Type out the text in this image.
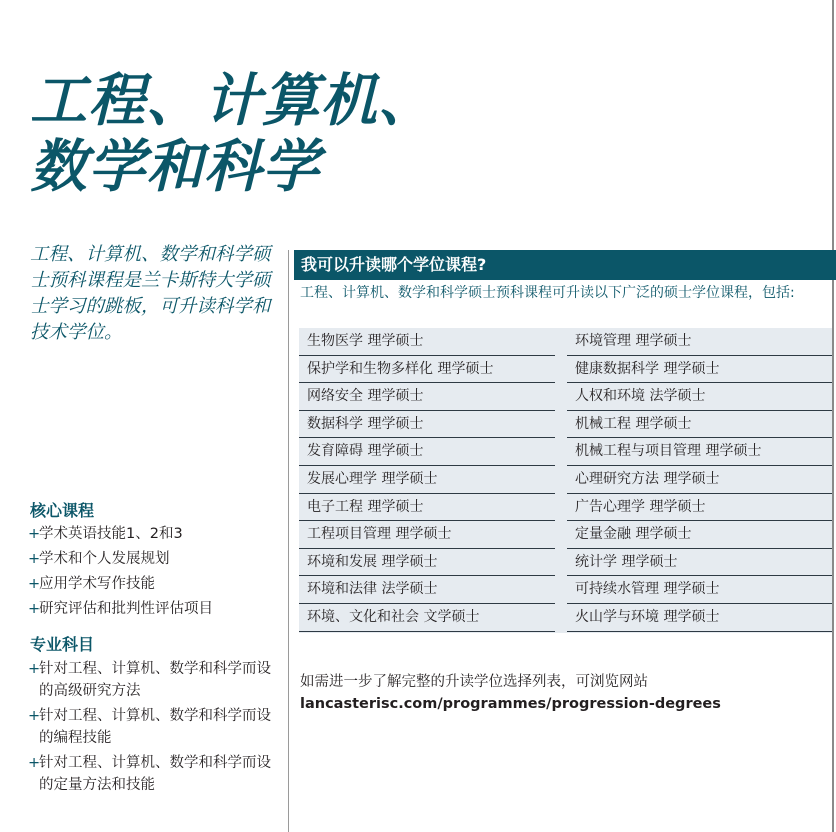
工程、计算机、
数学和科学

工程、计算机、数学和科学硕士预科课程是兰卡斯特大学硕士学习的跳板，可升读科学和技术学位。

核心课程
+
学术英语技能1、2和3
+
学术和个人发展规划
+
应用学术写作技能
+
研究评估和批判性评估项目
专业科目
+
针对工程、计算机、数学和科学而设的高级研究方法
+
针对工程、计算机、数学和科学而设的编程技能
+
针对工程、计算机、数学和科学而设的定量方法和技能
我可以升读哪个学位课程?

工程、计算机、数学和科学硕士预科课程可升读以下广泛的硕士学位课程，包括:

生物医学 理学硕士
保护学和生物多样化 理学硕士
网络安全 理学硕士
数据科学 理学硕士
发育障碍 理学硕士
发展心理学 理学硕士
电子工程 理学硕士
工程项目管理 理学硕士
环境和发展 理学硕士
环境和法律 法学硕士
环境、文化和社会 文学硕士
环境管理 理学硕士
健康数据科学 理学硕士
人权和环境 法学硕士
机械工程 理学硕士
机械工程与项目管理 理学硕士
心理研究方法 理学硕士
广告心理学 理学硕士
定量金融 理学硕士
统计学 理学硕士
可持续水管理 理学硕士
火山学与环境 理学硕士

如需进一步了解完整的升读学位选择列表，可浏览网站

lancasterisc.com/programmes/progression-degrees
